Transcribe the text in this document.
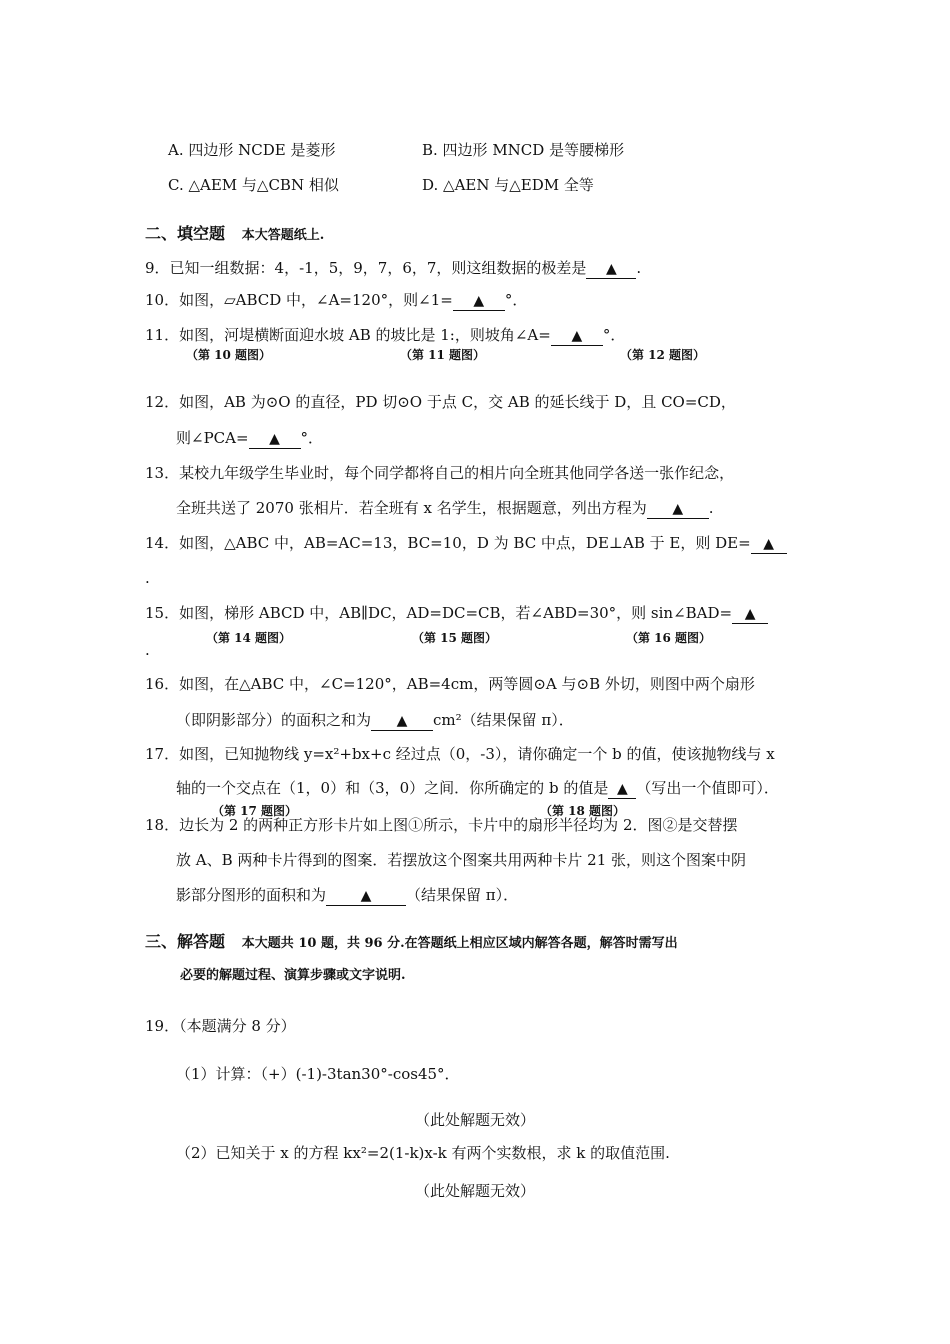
A. 四边形 NCDE 是菱形	B. 四边形 MNCD 是等腰梯形
C. △AEM 与△CBN 相似	D. △AEN 与△EDM 全等
二、填空题 本大答题纸上.
9．已知一组数据：4，-1，5，9，7，6，7，则这组数据的极差是 ▲ .
10．如图，▱ABCD 中，∠A=120°，则∠1= ▲ °．
11．如图，河堤横断面迎水坡 AB 的坡比是 1:，则坡角∠A= ▲ °．
（第 10 题图）	（第 11 题图）	（第 12 题图）
12．如图，AB 为⊙O 的直径，PD 切⊙O 于点 C，交 AB 的延长线于 D，且 CO=CD，
则∠PCA= ▲ °．
13．某校九年级学生毕业时，每个同学都将自己的相片向全班其他同学各送一张作纪念，
全班共送了 2070 张相片．若全班有 x 名学生，根据题意，列出方程为 ▲ .
14．如图，△ABC 中，AB=AC=13，BC=10，D 为 BC 中点，DE⊥AB 于 E，则 DE= ▲
.
15．如图，梯形 ABCD 中，AB∥DC，AD=DC=CB，若∠ABD=30°，则 sin∠BAD= ▲
（第 14 题图）	（第 15 题图）	（第 16 题图）
.
16．如图，在△ABC 中，∠C=120°，AB=4cm，两等圆⊙A 与⊙B 外切，则图中两个扇形
（即阴影部分）的面积之和为 ▲ cm²（结果保留 π）．
17．如图，已知抛物线 y=x²+bx+c 经过点（0，-3），请你确定一个 b 的值，使该抛物线与 x
轴的一个交点在（1，0）和（3，0）之间．你所确定的 b 的值是 ▲ （写出一个值即可）．
（第 17 题图）	（第 18 题图）
18．边长为 2 的两种正方形卡片如上图①所示，卡片中的扇形半径均为 2．图②是交替摆
放 A、B 两种卡片得到的图案．若摆放这个图案共用两种卡片 21 张，则这个图案中阴
影部分图形的面积和为 ▲ （结果保留 π）．
三、解答题 本大题共 10 题，共 96 分.在答题纸上相应区域内解答各题，解答时需写出
必要的解题过程、演算步骤或文字说明.
19．（本题满分 8 分）
（1）计算：（+）(-1)-3tan30°-cos45°．
（此处解题无效）
（2）已知关于 x 的方程 kx²=2(1-k)x-k 有两个实数根，求 k 的取值范围.
（此处解题无效）
